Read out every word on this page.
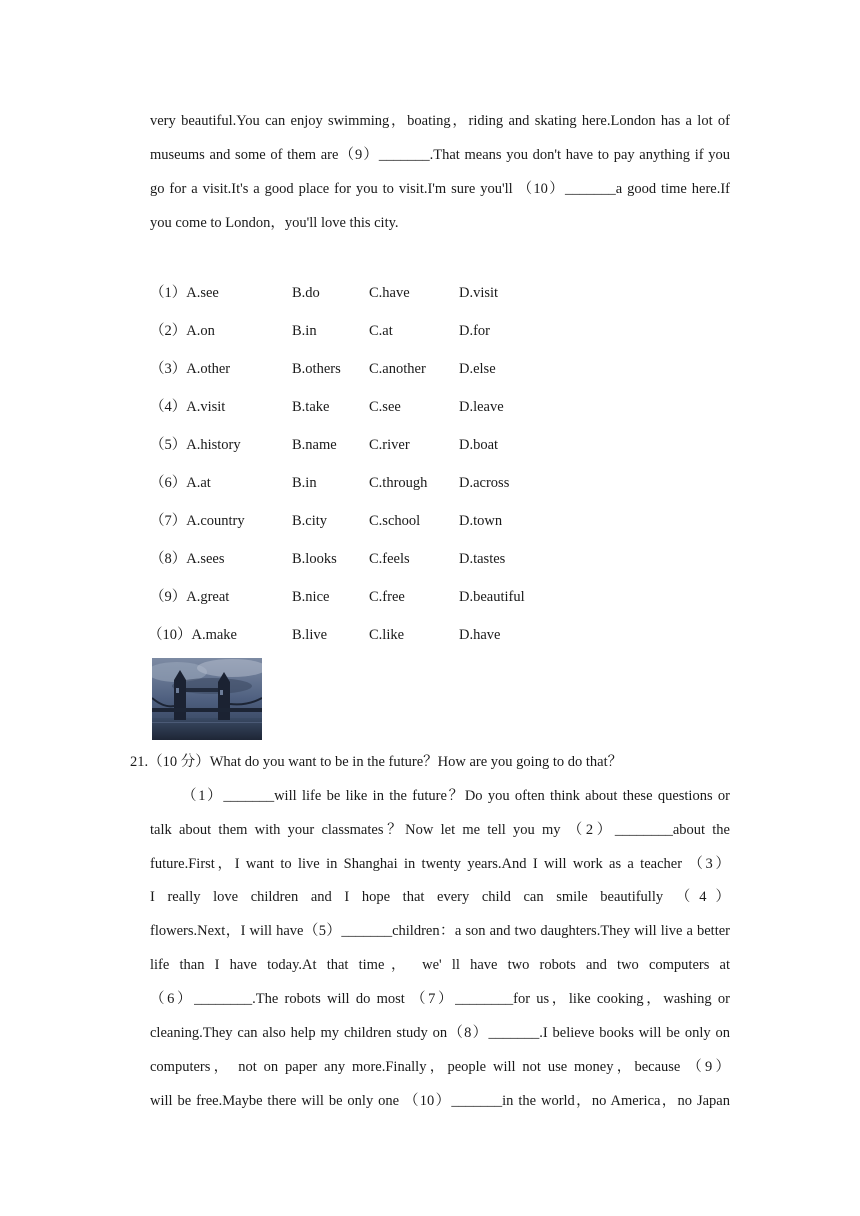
very beautiful.You can enjoy swimming，boating，riding and skating here.London has a lot of
museums and some of them are（9）_______.That means you don't have to pay anything if you
go for a visit.It's a good place for you to visit.I'm sure you'll （10）_______a good time here.If
you come to London，you'll love this city.
（1）A.see	B.do	C.have	D.visit
（2）A.on	B.in	C.at	D.for
（3）A.other	B.others C.another D.else
（4）A.visit	B.take	C.see	D.leave
（5）A.history	B.name C.river	D.boat
（6）A.at	B.in	C.through D.across
（7）A.country	B.city	C.school	D.town
（8）A.sees	B.looks C.feels	D.tastes
（9）A.great	B.nice	C.free	D.beautiful
（10）A.make	B.live	C.like	D.have
21.（10 分）What do you want to be in the future？How are you going to do that？
（1）_______will life be like in the future？Do you often think about these questions or
talk about them with your classmates？Now let me tell you my （2）________about the
future.First，I want to live in Shanghai in twenty years.And I will work as a teacher （3）
I really love children and I hope that every child can smile beautifully （4）
flowers.Next，I will have（5）_______children：a son and two daughters.They will live a better
life than I have today.At that time， we' ll have two robots and two computers at
（6）________.The robots will do most （7）________for us，like cooking，washing or
cleaning.They can also help my children study on（8）_______.I believe books will be only on
computers， not on paper any more.Finally，people will not use money，because （9）
will be free.Maybe there will be only one （10）_______in the world，no America，no Japan
